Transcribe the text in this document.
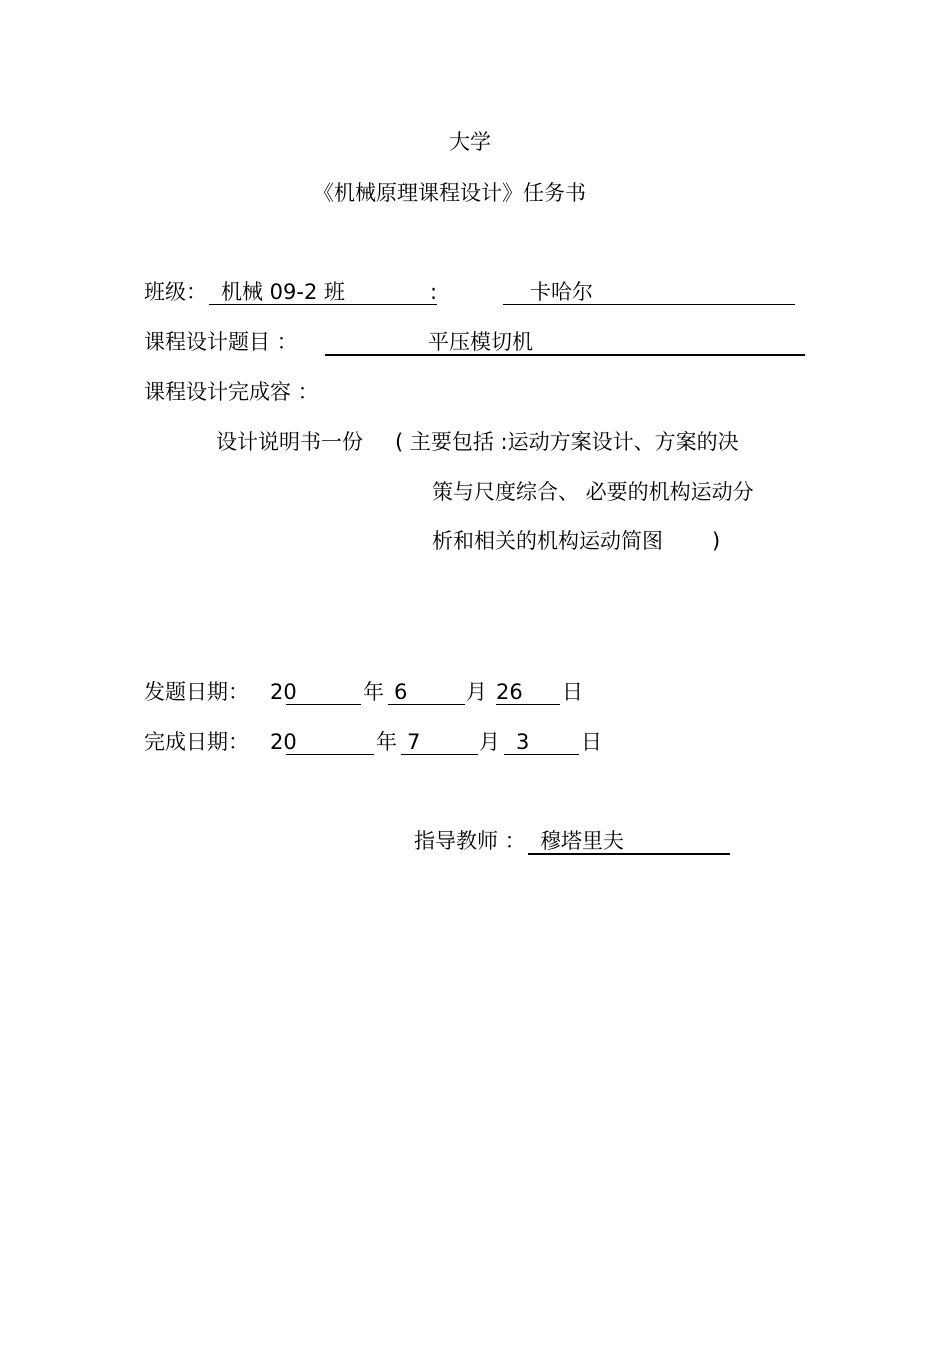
大学
《机械原理课程设计》任务书
班级： 机械 09-2 班	:	卡哈尔
课程设计题目 ：	平压模切机
课程设计完成容 ：
设计说明书一份 ( 主要包括 :运动方案设计、方案的决
策与尺度综合、 必要的机构运动分
析和相关的机构运动简图 )
发题日期： 20	年 6	月 26 日
完成日期： 20	年 7	月 3 日
指导教师 ： 穆塔里夫
